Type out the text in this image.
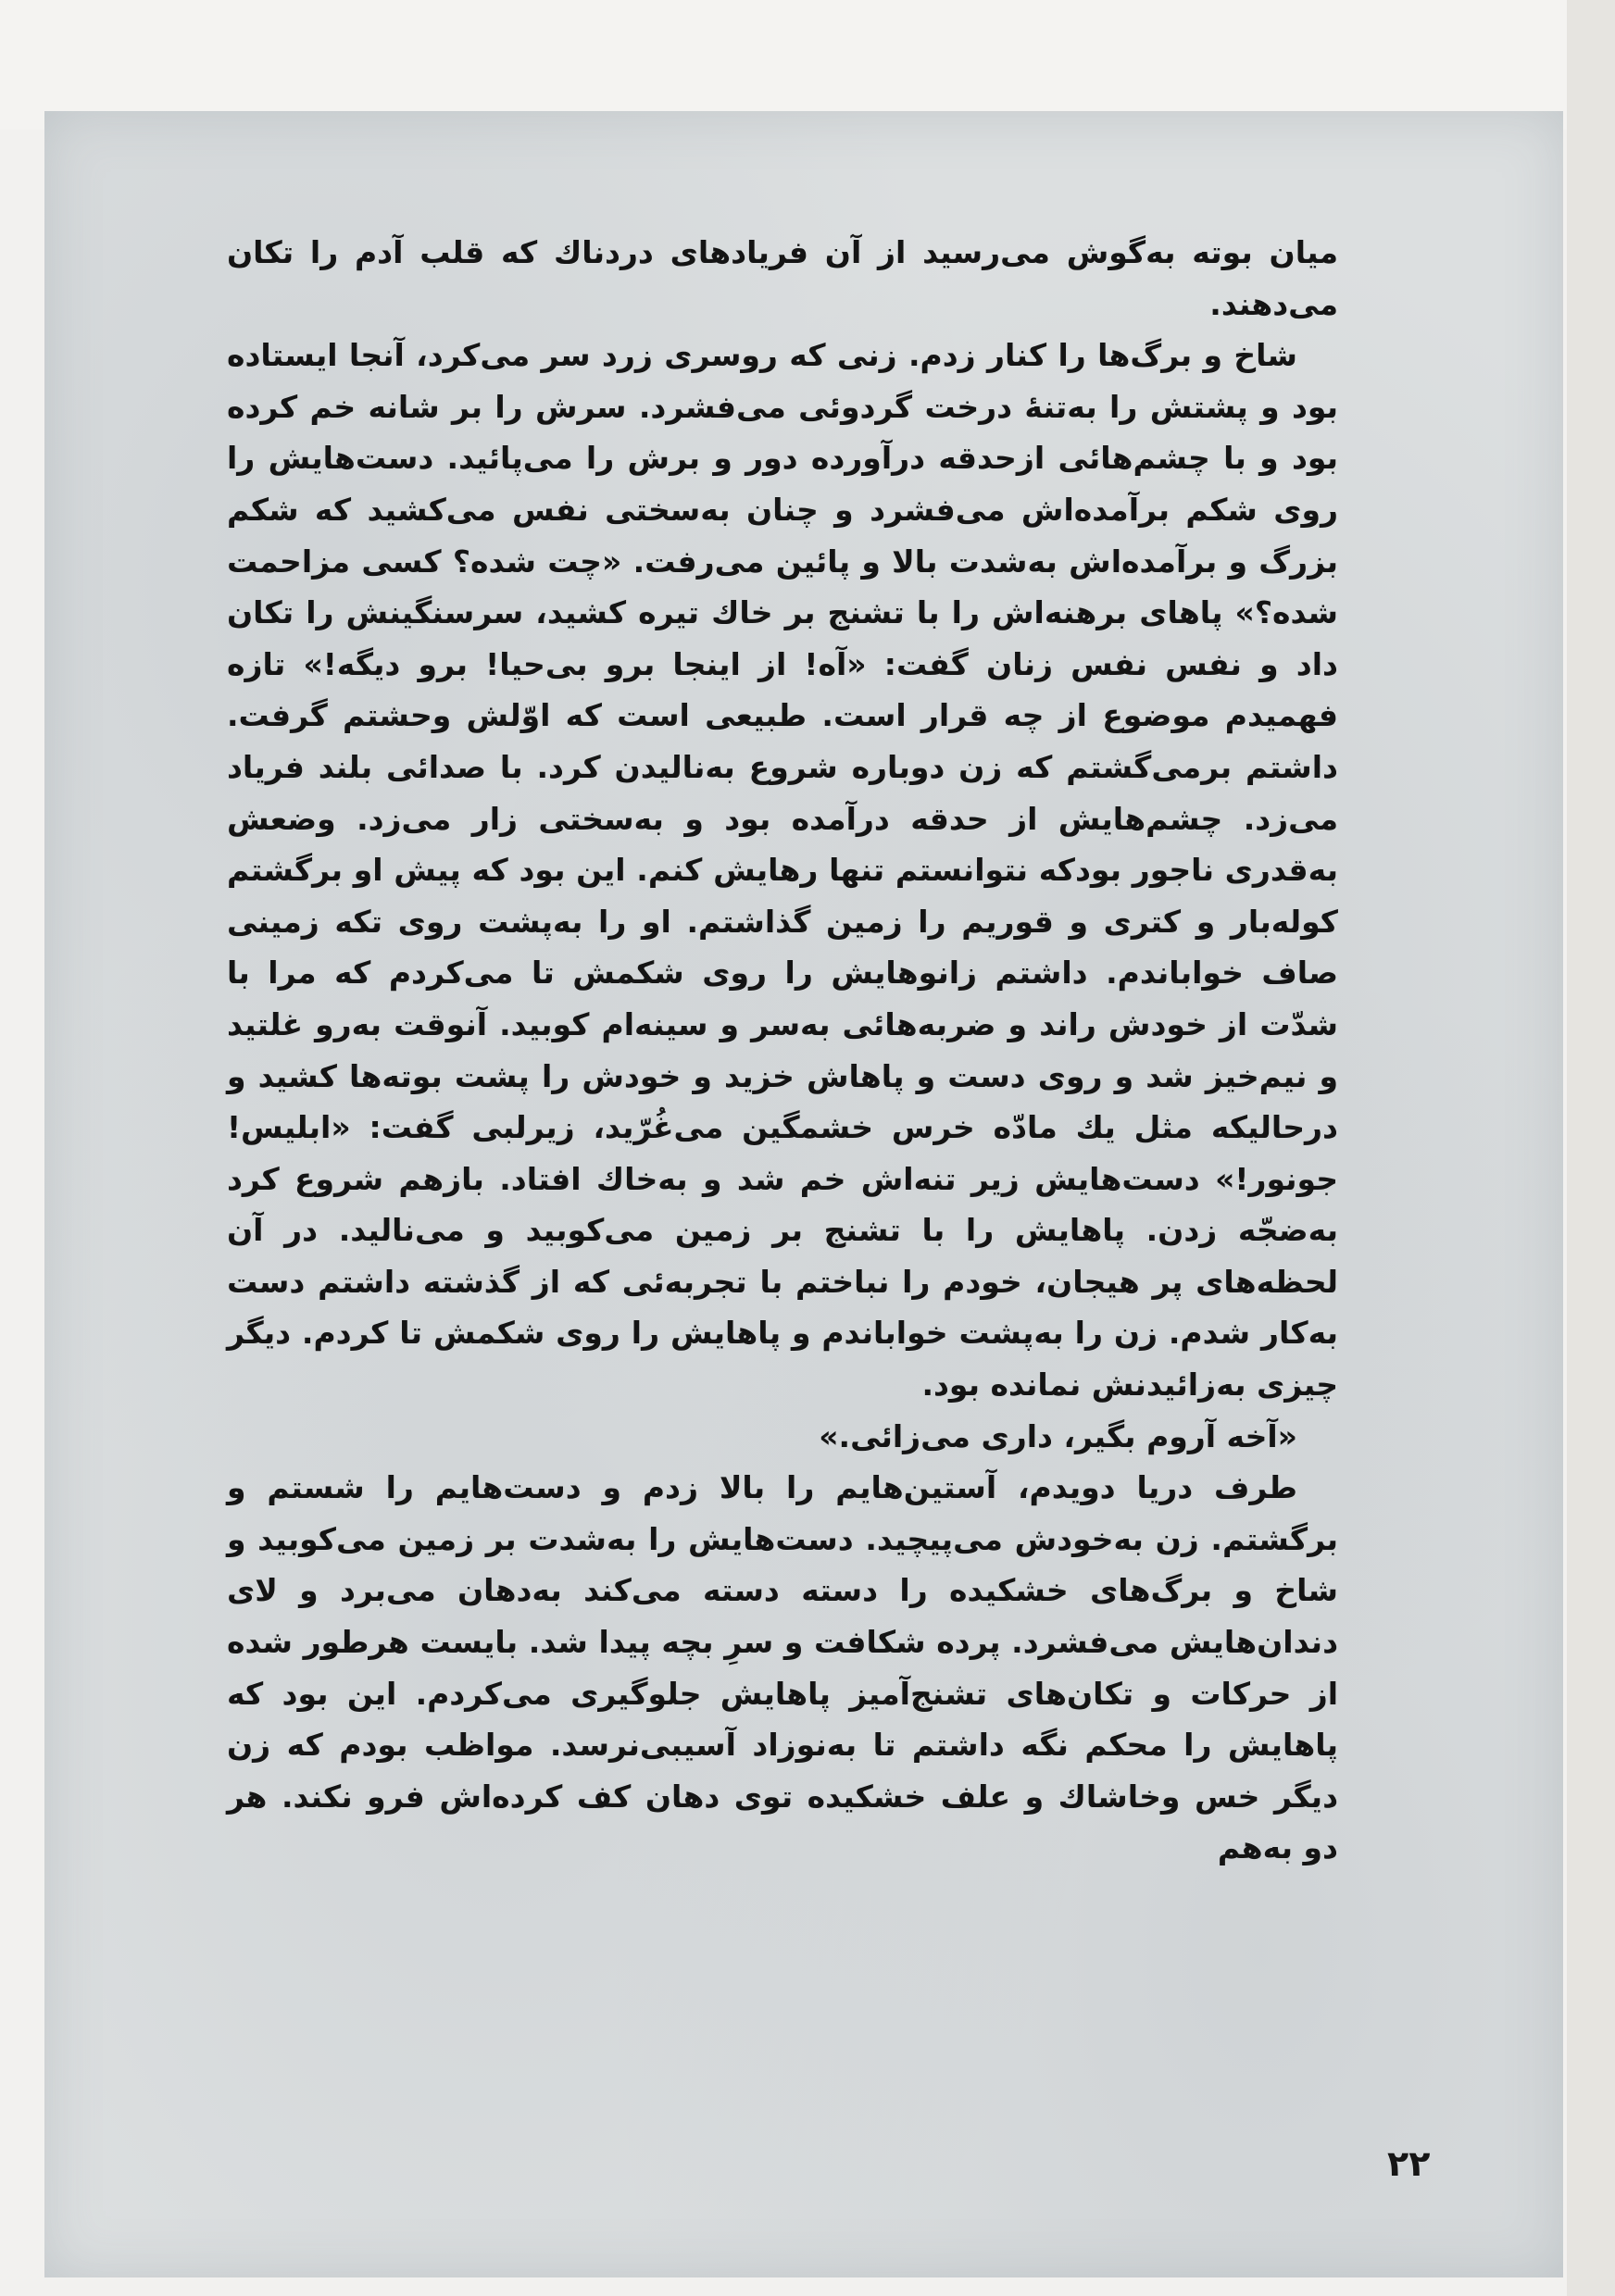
میان بوته به‌گوش می‌رسید از آن فریادهای دردناك که قلب آدم را تکان می‌دهند.

شاخ و برگ‌ها را کنار زدم. زنی که روسری زرد سر می‌کرد، آنجا ایستاده بود و پشتش را به‌تنهٔ درخت گردوئی می‌فشرد. سرش را بر شانه خم کرده بود و با چشم‌هائی ازحدقه درآورده دور و برش را می‌پائید. دست‌هایش را روی شکم برآمده‌اش می‌فشرد و چنان به‌سختی نفس می‌کشید که شکم بزرگ و برآمده‌اش به‌شدت بالا و پائین می‌رفت. «چت شده؟ کسی مزاحمت شده؟» پاهای برهنه‌اش را با تشنج بر خاك تیره کشید، سرسنگینش را تکان داد و نفس نفس زنان گفت: «آه! از اینجا برو بی‌حیا! برو دیگه!» تازه فهمیدم موضوع از چه قرار است. طبیعی است که اوّلش وحشتم گرفت. داشتم برمی‌گشتم که زن دوباره شروع به‌نالیدن کرد. با صدائی بلند فریاد می‌زد. چشم‌هایش از حدقه درآمده بود و به‌سختی زار می‌زد. وضعش به‌قدری ناجور بودکه نتوانستم تنها رهایش کنم. این بود که پیش او برگشتم کوله‌بار و کتری و قوریم را زمین گذاشتم. او را به‌پشت روی تکه زمینی صاف خواباندم. داشتم زانوهایش را روی شکمش تا می‌کردم که مرا با شدّت از خودش راند و ضربه‌هائی به‌سر و سینه‌ام کوبید. آنوقت به‌رو غلتید و نیم‌خیز شد و روی دست و پاهاش خزید و خودش را پشت بوته‌ها کشید و درحالیکه مثل یك مادّه خرس خشمگین می‌غُرّید، زیرلبی گفت: «ابلیس! جونور!» دست‌هایش زیر تنه‌اش خم شد و به‌خاك افتاد. بازهم شروع کرد به‌ضجّه زدن. پاهایش را با تشنج بر زمین می‌کوبید و می‌نالید. در آن لحظه‌های پر هیجان، خودم را نباختم با تجربه‌ئی که از گذشته داشتم دست به‌کار شدم. زن را به‌پشت خواباندم و پاهایش را روی شکمش تا کردم. دیگر چیزی به‌زائیدنش نمانده بود.

«آخه آروم بگیر، داری می‌زائی.»

طرف دریا دویدم، آستین‌هایم را بالا زدم و دست‌هایم را شستم و برگشتم. زن به‌خودش می‌پیچید. دست‌هایش را به‌شدت بر زمین می‌کوبید و شاخ و برگ‌های خشکیده را دسته دسته می‌کند به‌دهان می‌برد و لای دندان‌هایش می‌فشرد. پرده شکافت و سرِ بچه پیدا شد. بایست هرطور شده از حرکات و تکان‌های تشنج‌آمیز پاهایش جلوگیری می‌کردم. این بود که پاهایش را محکم نگه داشتم تا به‌نوزاد آسیبی‌نرسد. مواظب بودم که زن دیگر خس وخاشاك و علف خشکیده توی دهان کف کرده‌اش فرو نکند. هر دو به‌هم

۲۲
